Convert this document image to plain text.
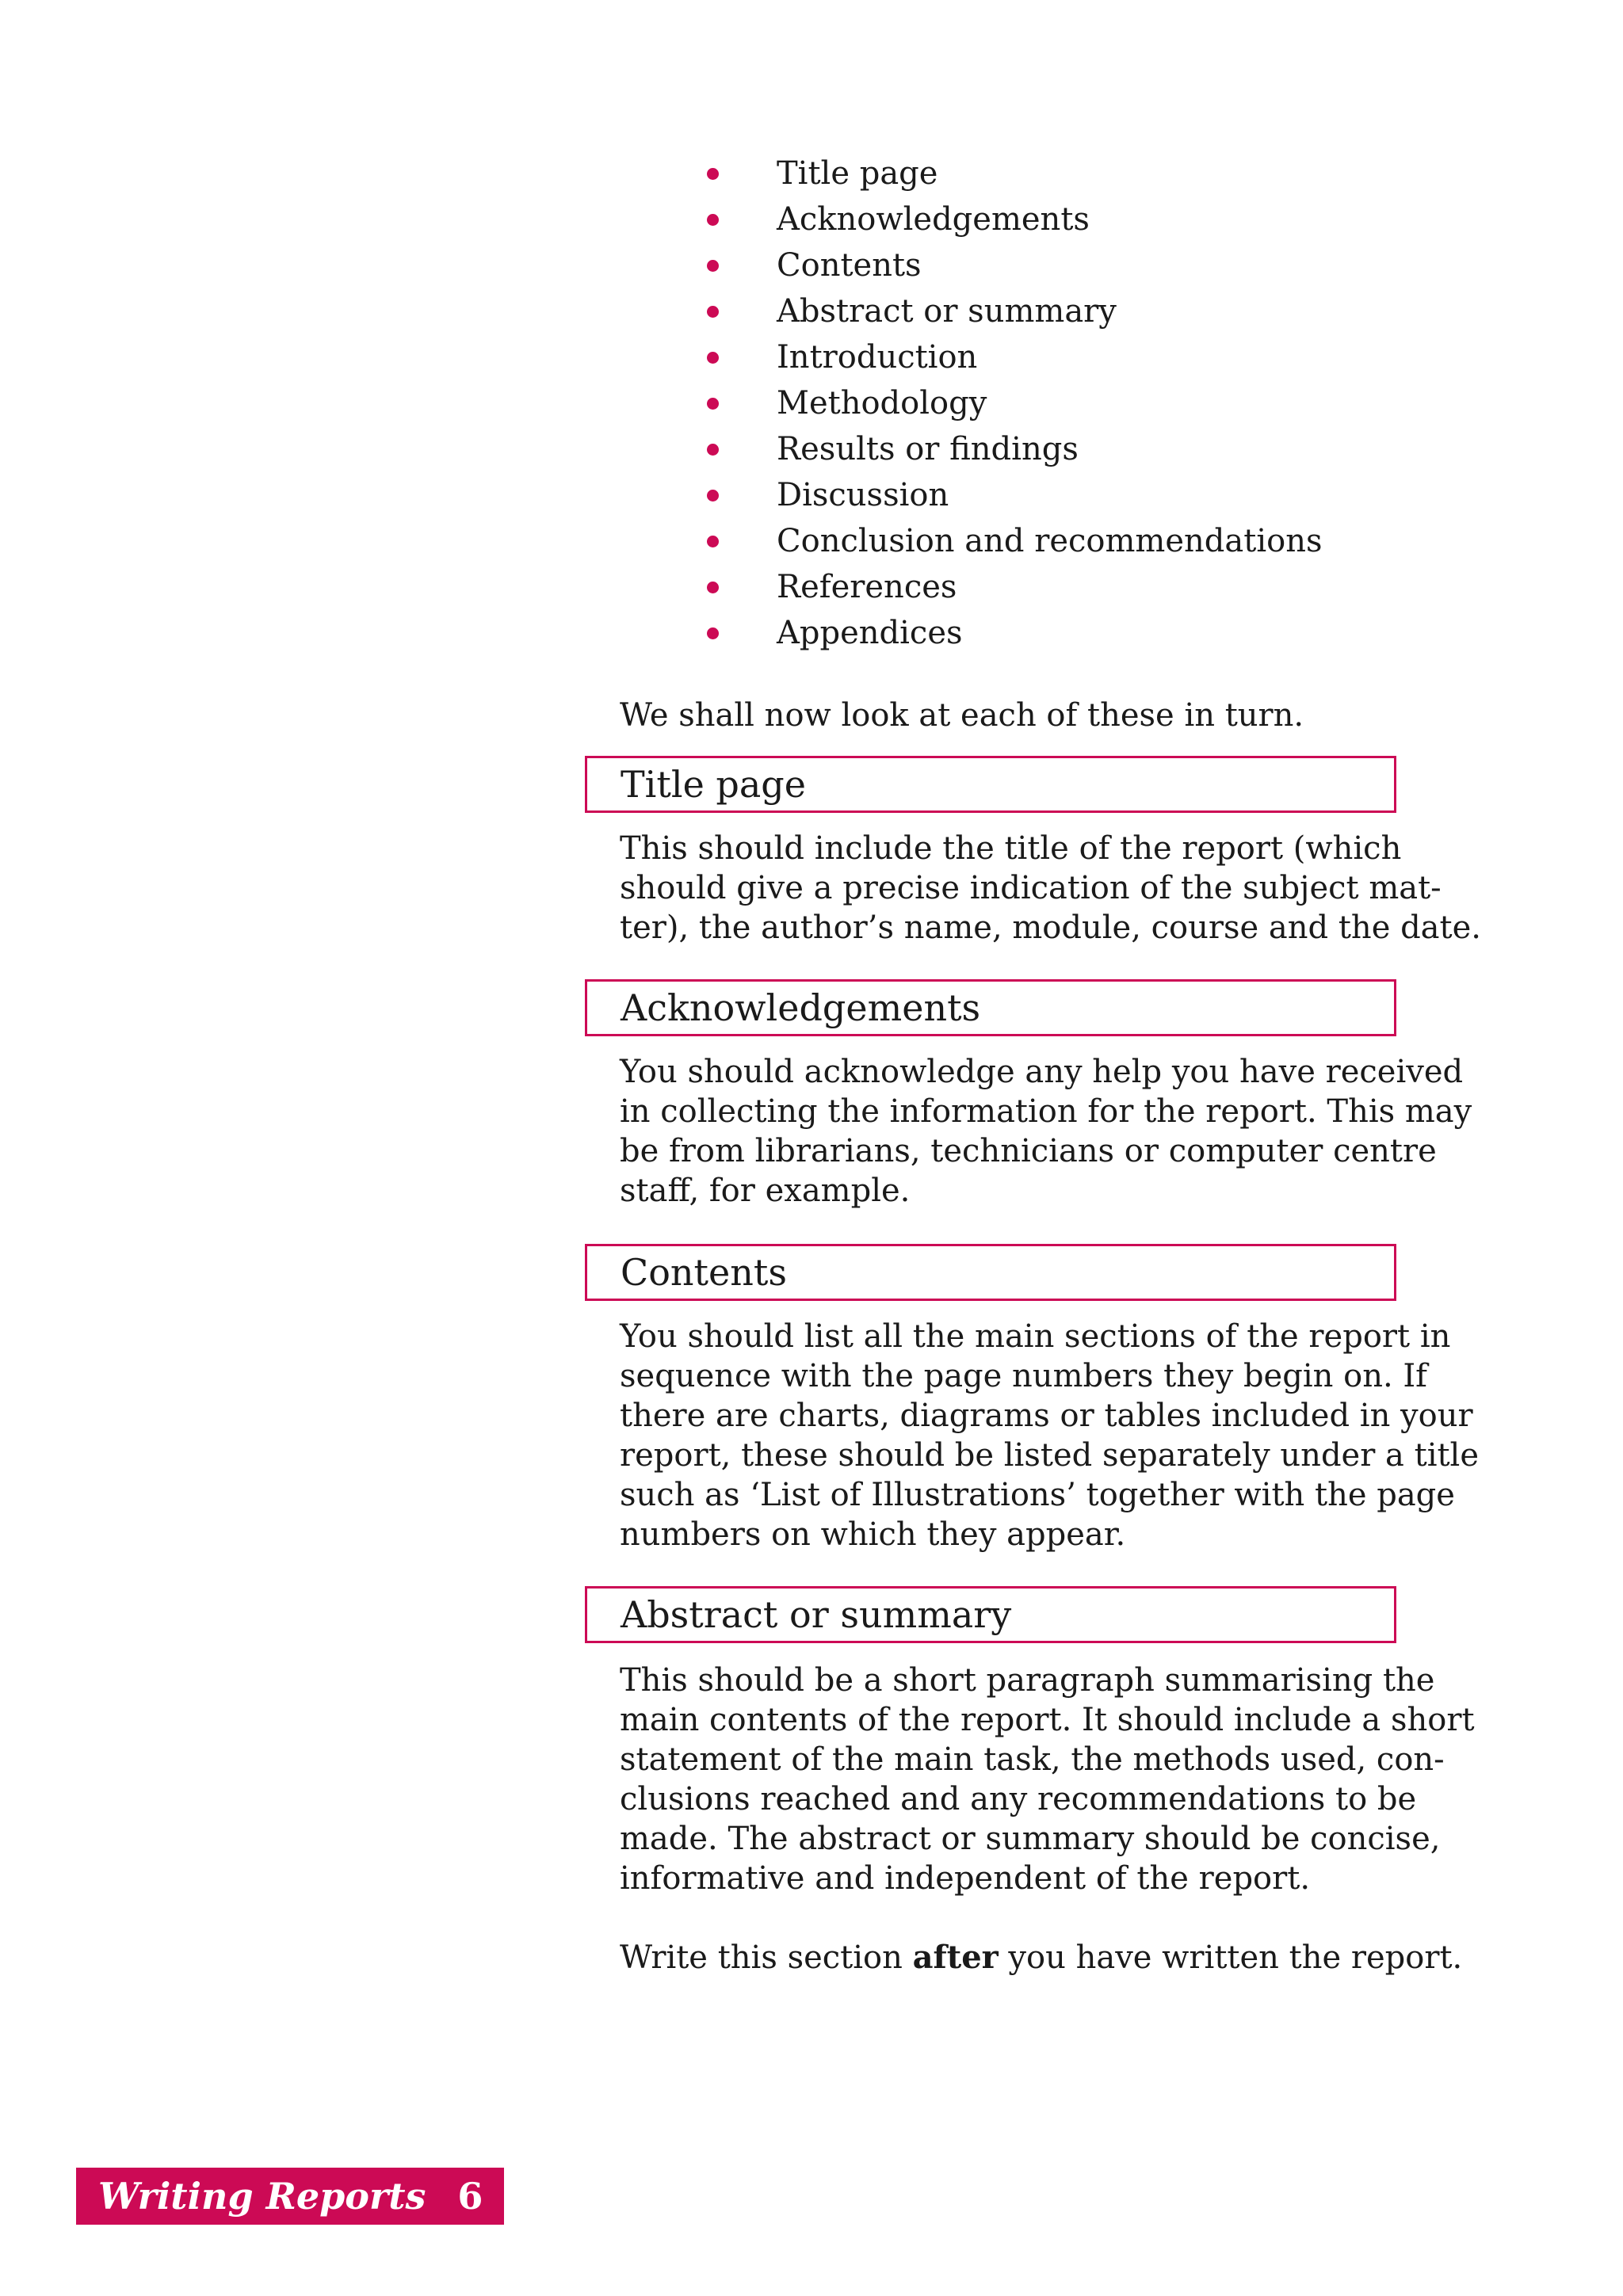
Title page
Acknowledgements
Contents
Abstract or summary
Introduction
Methodology
Results or findings
Discussion
Conclusion and recommendations
References
Appendices
We shall now look at each of these in turn.
Title page

This should include the title of the report (which
should give a precise indication of the subject mat-
ter), the author’s name, module, course and the date.

Acknowledgements

You should acknowledge any help you have received
in collecting the information for the report. This may
be from librarians, technicians or computer centre
staff, for example.

Contents

You should list all the main sections of the report in
sequence with the page numbers they begin on. If
there are charts, diagrams or tables included in your
report, these should be listed separately under a title
such as ‘List of Illustrations’ together with the page
numbers on which they appear.

Abstract or summary

This should be a short paragraph summarising the
main contents of the report. It should include a short
statement of the main task, the methods used, con-
clusions reached and any recommendations to be
made. The abstract or summary should be concise,
informative and independent of the report.

Write this section after you have written the report.

Writing Reports 6
